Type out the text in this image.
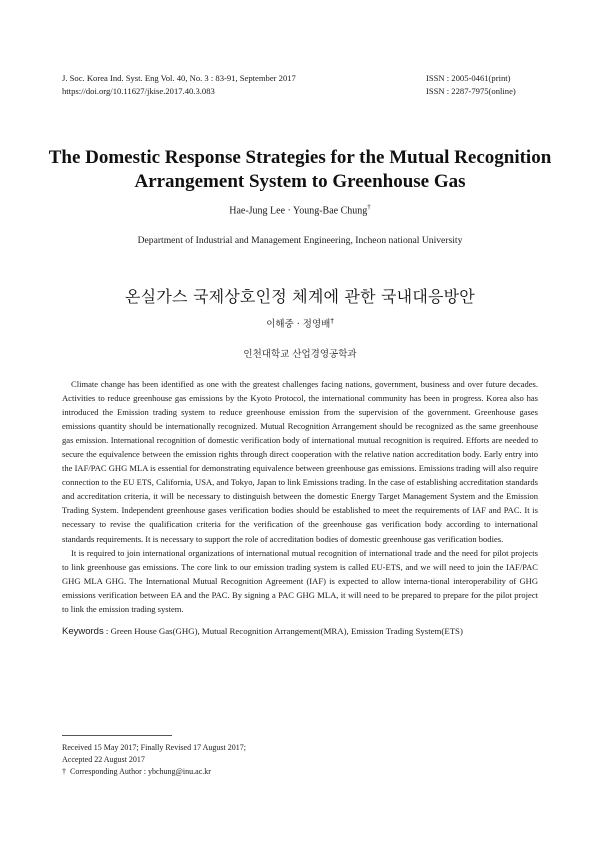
J. Soc. Korea Ind. Syst. Eng Vol. 40, No. 3 : 83-91, September 2017	ISSN : 2005-0461(print)
https://doi.org/10.11627/jkise.2017.40.3.083	ISSN : 2287-7975(online)
The Domestic Response Strategies for the Mutual Recognition
Arrangement System to Greenhouse Gas
Hae-Jung Lee · Young-Bae Chung†
Department of Industrial and Management Engineering, Incheon national University
온실가스 국제상호인정 체계에 관한 국내대응방안
이해중 · 정영배†
인천대학교 산업경영공학과

Climate change has been identified as one with the greatest challenges facing nations, government, business and over future decades. Activities to reduce greenhouse gas emissions by the Kyoto Protocol, the international community has been in progress. Korea also has introduced the Emission trading system to reduce greenhouse emission from the supervision of the government. Greenhouse gases emissions quantity should be internationally recognized. Mutual Recognition Arrangement should be recognized as the same greenhouse gas emission. International recognition of domestic verification body of international mutual recognition is required. Efforts are needed to secure the equivalence between the emission rights through direct cooperation with the relative nation accreditation body. Early entry into the IAF/PAC GHG MLA is essential for demonstrating equivalence between greenhouse gas emissions. Emissions trading will also require connection to the EU ETS, California, USA, and Tokyo, Japan to link Emissions trading. In the case of establishing accreditation standards and accreditation criteria, it will be necessary to distinguish between the domestic Energy Target Management System and the Emission Trading System. Independent greenhouse gases verification bodies should be established to meet the requirements of IAF and PAC. It is necessary to revise the qualification criteria for the verification of the greenhouse gas verification body according to international standards requirements. It is necessary to support the role of accreditation bodies of domestic greenhouse gas verification bodies.

It is required to join international organizations of international mutual recognition of international trade and the need for pilot projects to link greenhouse gas emissions. The core link to our emission trading system is called EU-ETS, and we will need to join the IAF/PAC GHG MLA GHG. The International Mutual Recognition Agreement (IAF) is expected to allow interna-tional interoperability of GHG emissions verification between EA and the PAC. By signing a PAC GHG MLA, it will need to be prepared to prepare for the pilot project to link the emission trading system.

Keywords : Green House Gas(GHG), Mutual Recognition Arrangement(MRA), Emission Trading System(ETS)
Received 15 May 2017; Finally Revised 17 August 2017;
Accepted 22 August 2017
† Corresponding Author : ybchung@inu.ac.kr
